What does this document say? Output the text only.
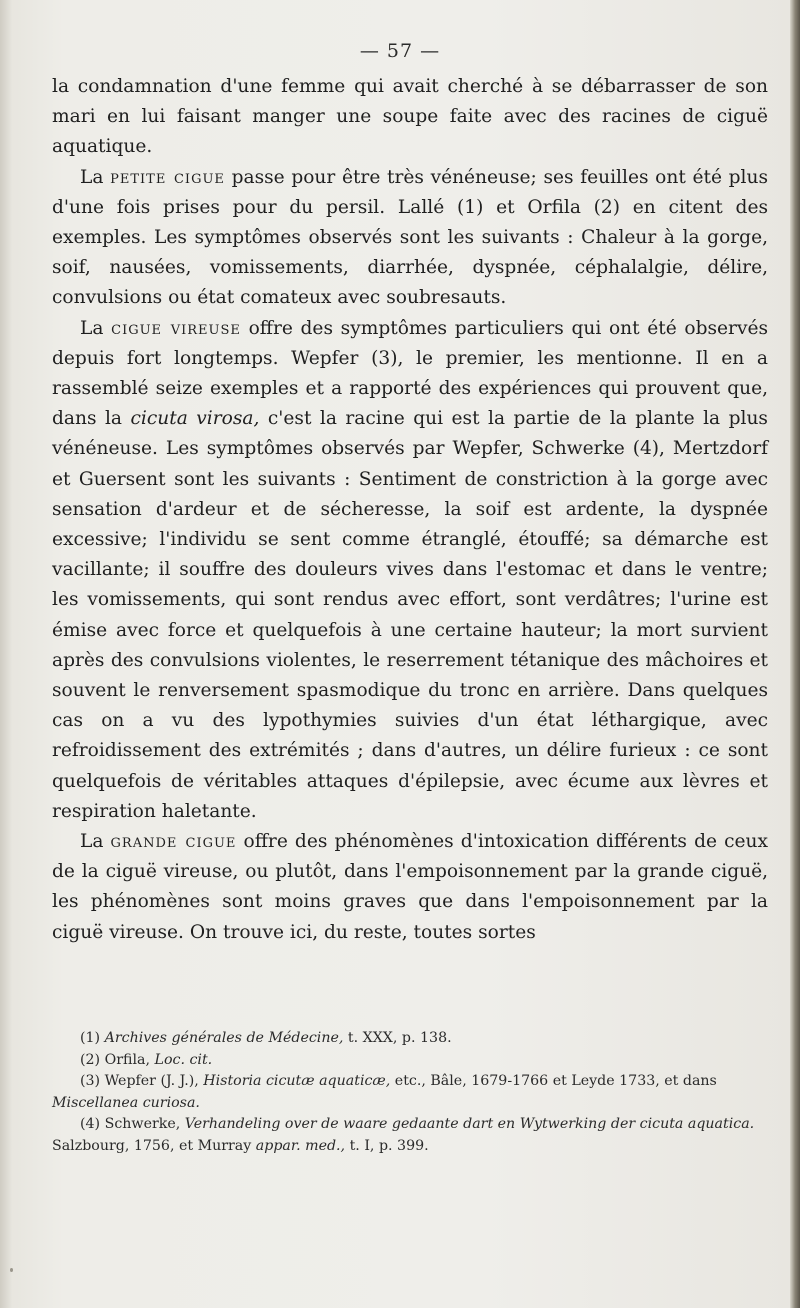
— 57 —

la condamnation d'une femme qui avait cherché à se débarrasser de son mari en lui faisant manger une soupe faite avec des racines de ciguë aquatique.

La petite cigue passe pour être très vénéneuse; ses feuilles ont été plus d'une fois prises pour du persil. Lallé (1) et Orfila (2) en citent des exemples. Les symptômes observés sont les suivants : Chaleur à la gorge, soif, nausées, vomissements, diarrhée, dyspnée, céphalalgie, délire, convulsions ou état comateux avec soubresauts.

La cigue vireuse offre des symptômes particuliers qui ont été observés depuis fort longtemps. Wepfer (3), le premier, les mentionne. Il en a rassemblé seize exemples et a rapporté des expériences qui prouvent que, dans la cicuta virosa, c'est la racine qui est la partie de la plante la plus vénéneuse. Les symptômes observés par Wepfer, Schwerke (4), Mertzdorf et Guersent sont les suivants : Sentiment de constriction à la gorge avec sensation d'ardeur et de sécheresse, la soif est ardente, la dyspnée excessive; l'individu se sent comme étranglé, étouffé; sa démarche est vacillante; il souffre des douleurs vives dans l'estomac et dans le ventre; les vomissements, qui sont rendus avec effort, sont verdâtres; l'urine est émise avec force et quelquefois à une certaine hauteur; la mort survient après des convulsions violentes, le reserrement tétanique des mâchoires et souvent le renversement spasmodique du tronc en arrière. Dans quelques cas on a vu des lypothymies suivies d'un état léthargique, avec refroidissement des extrémités ; dans d'autres, un délire furieux : ce sont quelquefois de véritables attaques d'épilepsie, avec écume aux lèvres et respiration haletante.

La grande cigue offre des phénomènes d'intoxication différents de ceux de la ciguë vireuse, ou plutôt, dans l'empoisonnement par la grande ciguë, les phénomènes sont moins graves que dans l'empoisonnement par la ciguë vireuse. On trouve ici, du reste, toutes sortes

(1) Archives générales de Médecine, t. XXX, p. 138.

(2) Orfila, Loc. cit.

(3) Wepfer (J. J.), Historia cicutæ aquaticæ, etc., Bâle, 1679-1766 et Leyde 1733, et dans Miscellanea curiosa.

(4) Schwerke, Verhandeling over de waare gedaante dart en Wytwerking der cicuta aquatica. Salzbourg, 1756, et Murray appar. med., t. I, p. 399.
